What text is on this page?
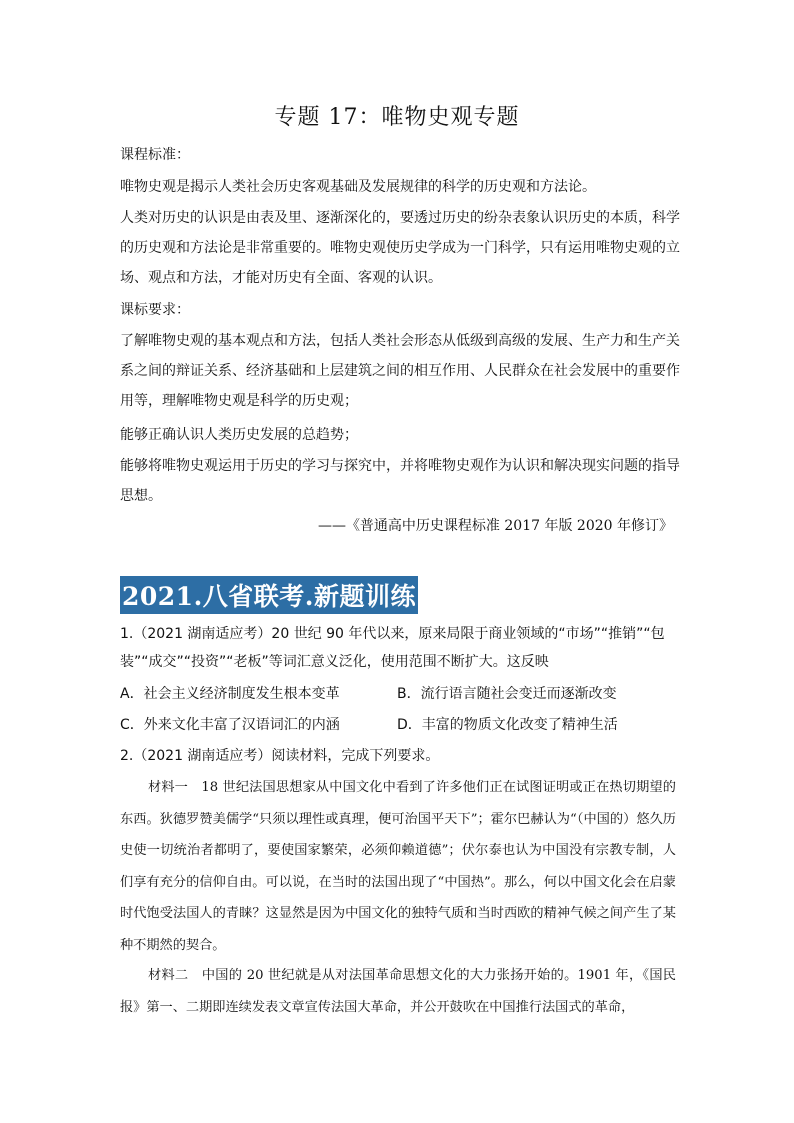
专题 17：唯物史观专题

课程标准：

唯物史观是揭示人类社会历史客观基础及发展规律的科学的历史观和方法论。

人类对历史的认识是由表及里、逐渐深化的，要透过历史的纷杂表象认识历史的本质，科学的历史观和方法论是非常重要的。唯物史观使历史学成为一门科学，只有运用唯物史观的立场、观点和方法，才能对历史有全面、客观的认识。

课标要求：

了解唯物史观的基本观点和方法，包括人类社会形态从低级到高级的发展、生产力和生产关系之间的辩证关系、经济基础和上层建筑之间的相互作用、人民群众在社会发展中的重要作用等，理解唯物史观是科学的历史观；

能够正确认识人类历史发展的总趋势；

能够将唯物史观运用于历史的学习与探究中，并将唯物史观作为认识和解决现实问题的指导思想。

——《普通高中历史课程标准 2017 年版 2020 年修订》
2021.八省联考.新题训练

1.（2021 湖南适应考）20 世纪 90 年代以来，原来局限于商业领域的“市场”“推销”“包装”“成交”“投资”“老板”等词汇意义泛化，使用范围不断扩大。这反映

A．社会主义经济制度发生根本变革	B．流行语言随社会变迁而逐渐改变
C．外来文化丰富了汉语词汇的内涵	D．丰富的物质文化改变了精神生活

2.（2021 湖南适应考）阅读材料，完成下列要求。

材料一　18 世纪法国思想家从中国文化中看到了许多他们正在试图证明或正在热切期望的东西。狄德罗赞美儒学“只须以理性或真理，便可治国平天下”；霍尔巴赫认为“（中国的）悠久历史使一切统治者都明了，要使国家繁荣，必须仰赖道德”；伏尔泰也认为中国没有宗教专制，人们享有充分的信仰自由。可以说，在当时的法国出现了“中国热”。那么，何以中国文化会在启蒙时代饱受法国人的青睐？这显然是因为中国文化的独特气质和当时西欧的精神气候之间产生了某种不期然的契合。

材料二　中国的 20 世纪就是从对法国革命思想文化的大力张扬开始的。1901 年，《国民报》第一、二期即连续发表文章宣传法国大革命，并公开鼓吹在中国推行法国式的革命，
